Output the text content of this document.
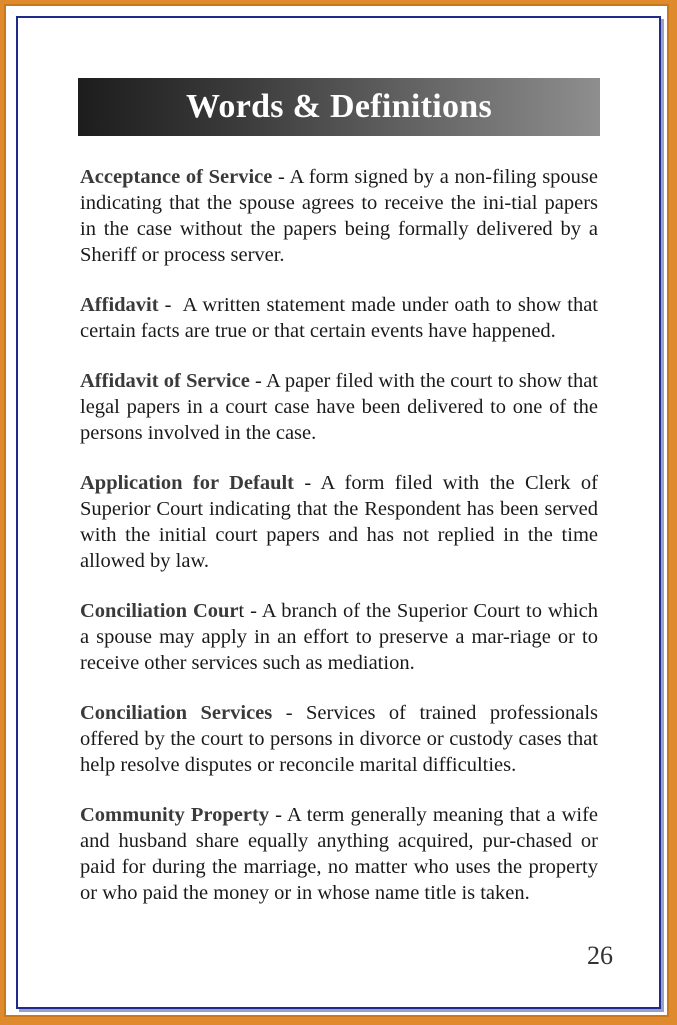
Words & Definitions

Acceptance of Service - A form signed by a non-filing spouse indicating that the spouse agrees to receive the ini-tial papers in the case without the papers being formally delivered by a Sheriff or process server.

Affidavit -  A written statement made under oath to show that certain facts are true or that certain events have happened.

Affidavit of Service - A paper filed with the court to show that legal papers in a court case have been delivered to one of the persons involved in the case.

Application for Default - A form filed with the Clerk of Superior Court indicating that the Respondent has been served with the initial court papers and has not replied in the time allowed by law.

Conciliation Court - A branch of the Superior Court to which  a spouse may apply in an effort to preserve a mar-riage or to receive other services such as mediation.

Conciliation Services - Services of trained professionals offered by the court to persons in divorce or custody cases that help resolve disputes or reconcile marital difficulties.

Community Property - A term generally meaning that a wife and husband share equally anything acquired, pur-chased or paid for during the marriage, no matter who uses the property or who paid the money or in whose name title is taken.

26
